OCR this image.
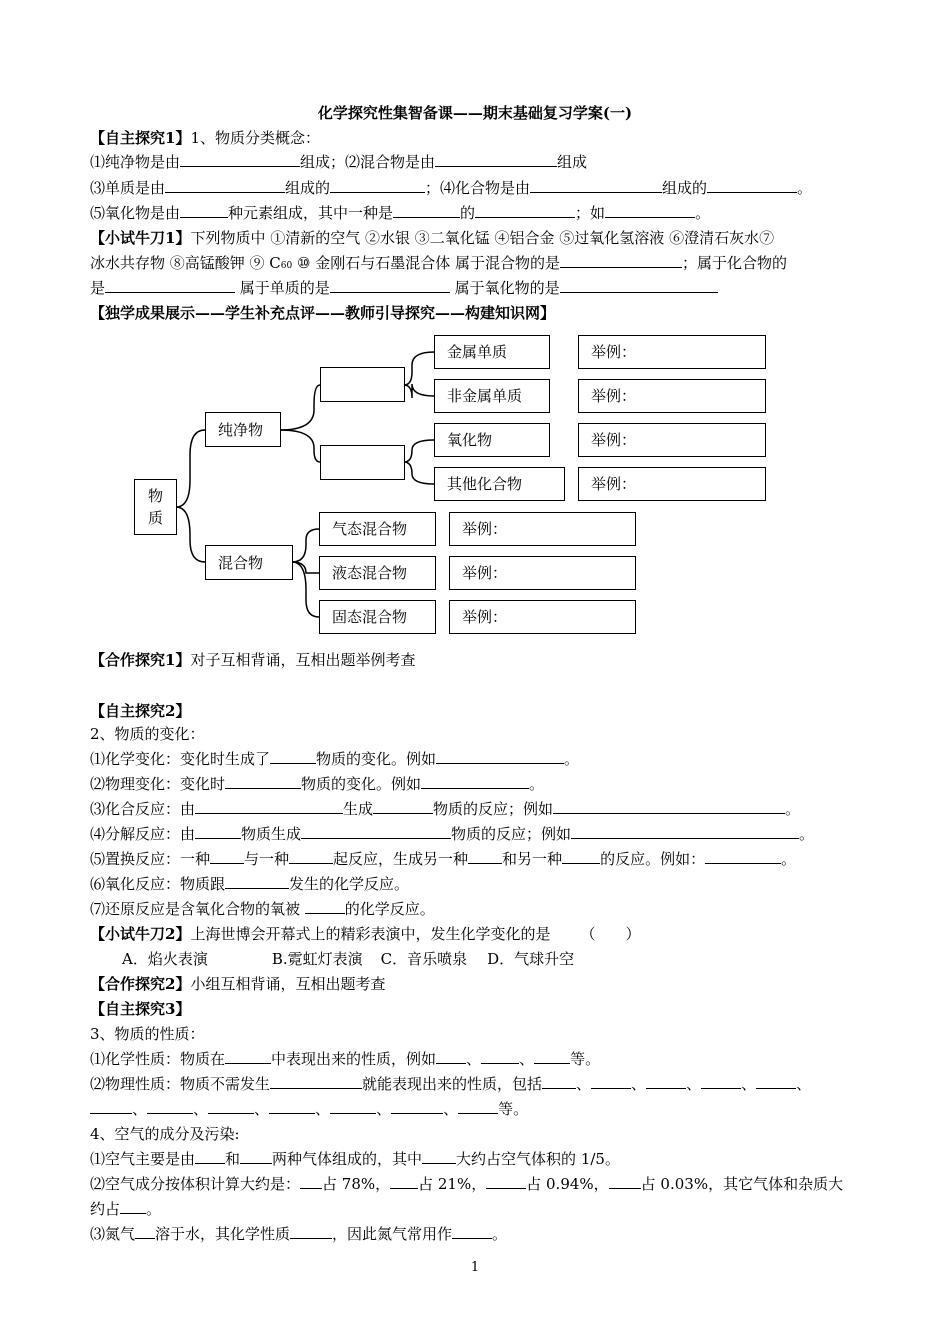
化学探究性集智备课——期末基础复习学案(一)
【自主探究1】1、物质分类概念：
⑴纯净物是由	组成；⑵混合物是由	组成
⑶单质是由	组成的	；⑷化合物是由	组成的	。
⑸氧化物是由	种元素组成，其中一种是	的	；如	。
【小试牛刀1】下列物质中 ①清新的空气 ②水银 ③二氧化锰 ④铝合金 ⑤过氧化氢溶液 ⑥澄清石灰水⑦
冰水共存物 ⑧高锰酸钾 ⑨ C60 ⑩ 金刚石与石墨混合体 属于混合物的是	；属于化合物的
是	属于单质的是	属于氧化物的是
【独学成果展示——学生补充点评——教师引导探究——构建知识网】
物
质
纯净物
混合物
金属单质
非金属单质
氧化物
其他化合物
举例：
举例：
举例：
举例：
气态混合物
液态混合物
固态混合物
举例：
举例：
举例：
【合作探究1】对子互相背诵，互相出题举例考查
【自主探究2】
2、物质的变化：
⑴化学变化：变化时生成了	物质的变化。例如	。
⑵物理变化：变化时	物质的变化。例如	。
⑶化合反应：由	生成	物质的反应；例如	。
⑷分解反应：由	物质生成	物质的反应；例如	。
⑸置换反应：一种 与一种	起反应，生成另一种 和另一种	的反应。例如：	。
⑹氧化反应：物质跟	发生的化学反应。
⑺还原反应是含氧化合物的氧被	的化学反应。
【小试牛刀2】上海世博会开幕式上的精彩表演中，发生化学变化的是 （　　）
A．焰火表演	B.霓虹灯表演 C．音乐喷泉 D．气球升空
【合作探究2】小组互相背诵，互相出题考查
【自主探究3】
3、物质的性质：
⑴化学性质：物质在	中表现出来的性质，例如 、	、 等。
⑵物理性质：物质不需发生	就能表现出来的性质，包括 、	、	、	、	、
、	、	、	、	、	、	等。
4、空气的成分及污染:
⑴空气主要是由 和 两种气体组成的，其中 大约占空气体积的 1/5。
⑵空气成分按体积计算大约是： 占 78%， 占 21%，	占 0.94%， 占 0.03%，其它气体和杂质大
约占 。
⑶氮气 溶于水，其化学性质	，因此氮气常用作	。
1
